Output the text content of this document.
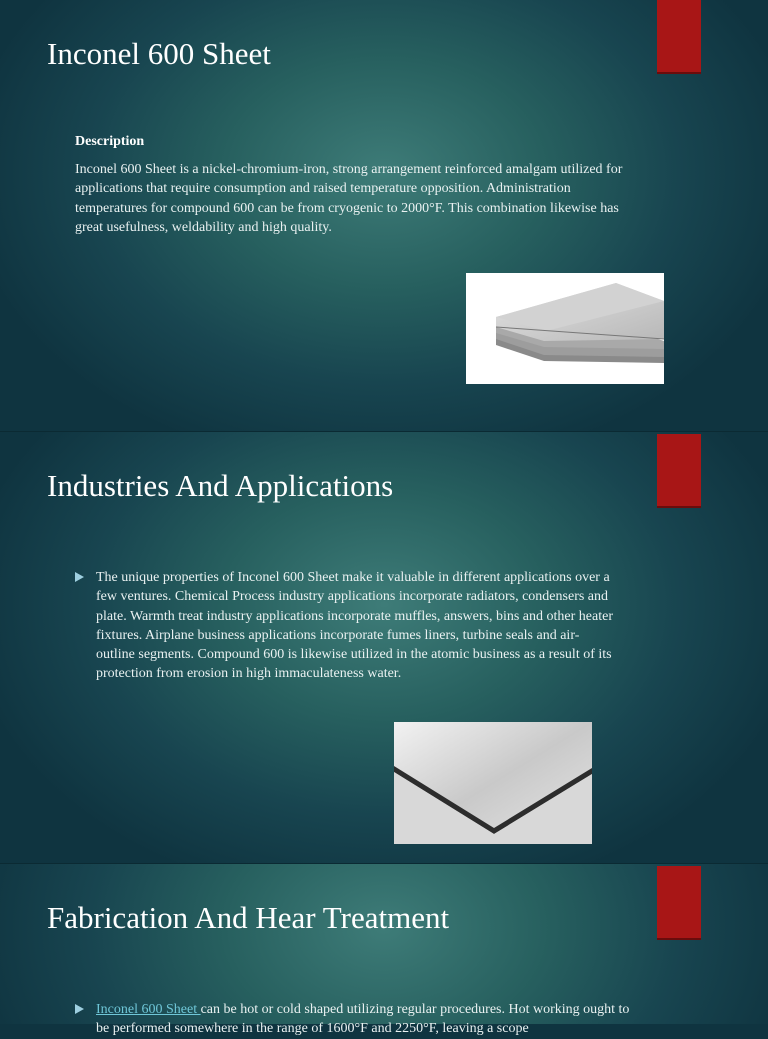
Inconel 600 Sheet
Description

Inconel 600 Sheet is a nickel-chromium-iron, strong arrangement reinforced amalgam utilized for applications that require consumption and raised temperature opposition. Administration temperatures for compound 600 can be from cryogenic to 2000°F. This combination likewise has great usefulness, weldability and high quality.

Industries And Applications

The unique properties of Inconel 600 Sheet make it valuable in different applications over a few ventures. Chemical Process industry applications incorporate radiators, condensers and plate. Warmth treat industry applications incorporate muffles, answers, bins and other heater fixtures. Airplane business applications incorporate fumes liners, turbine seals and air-outline segments. Compound 600 is likewise utilized in the atomic business as a result of its protection from erosion in high immaculateness water.

Fabrication And Hear Treatment

Inconel 600 Sheet can be hot or cold shaped utilizing regular procedures. Hot working ought to be performed somewhere in the range of 1600°F and 2250°F, leaving a scope
